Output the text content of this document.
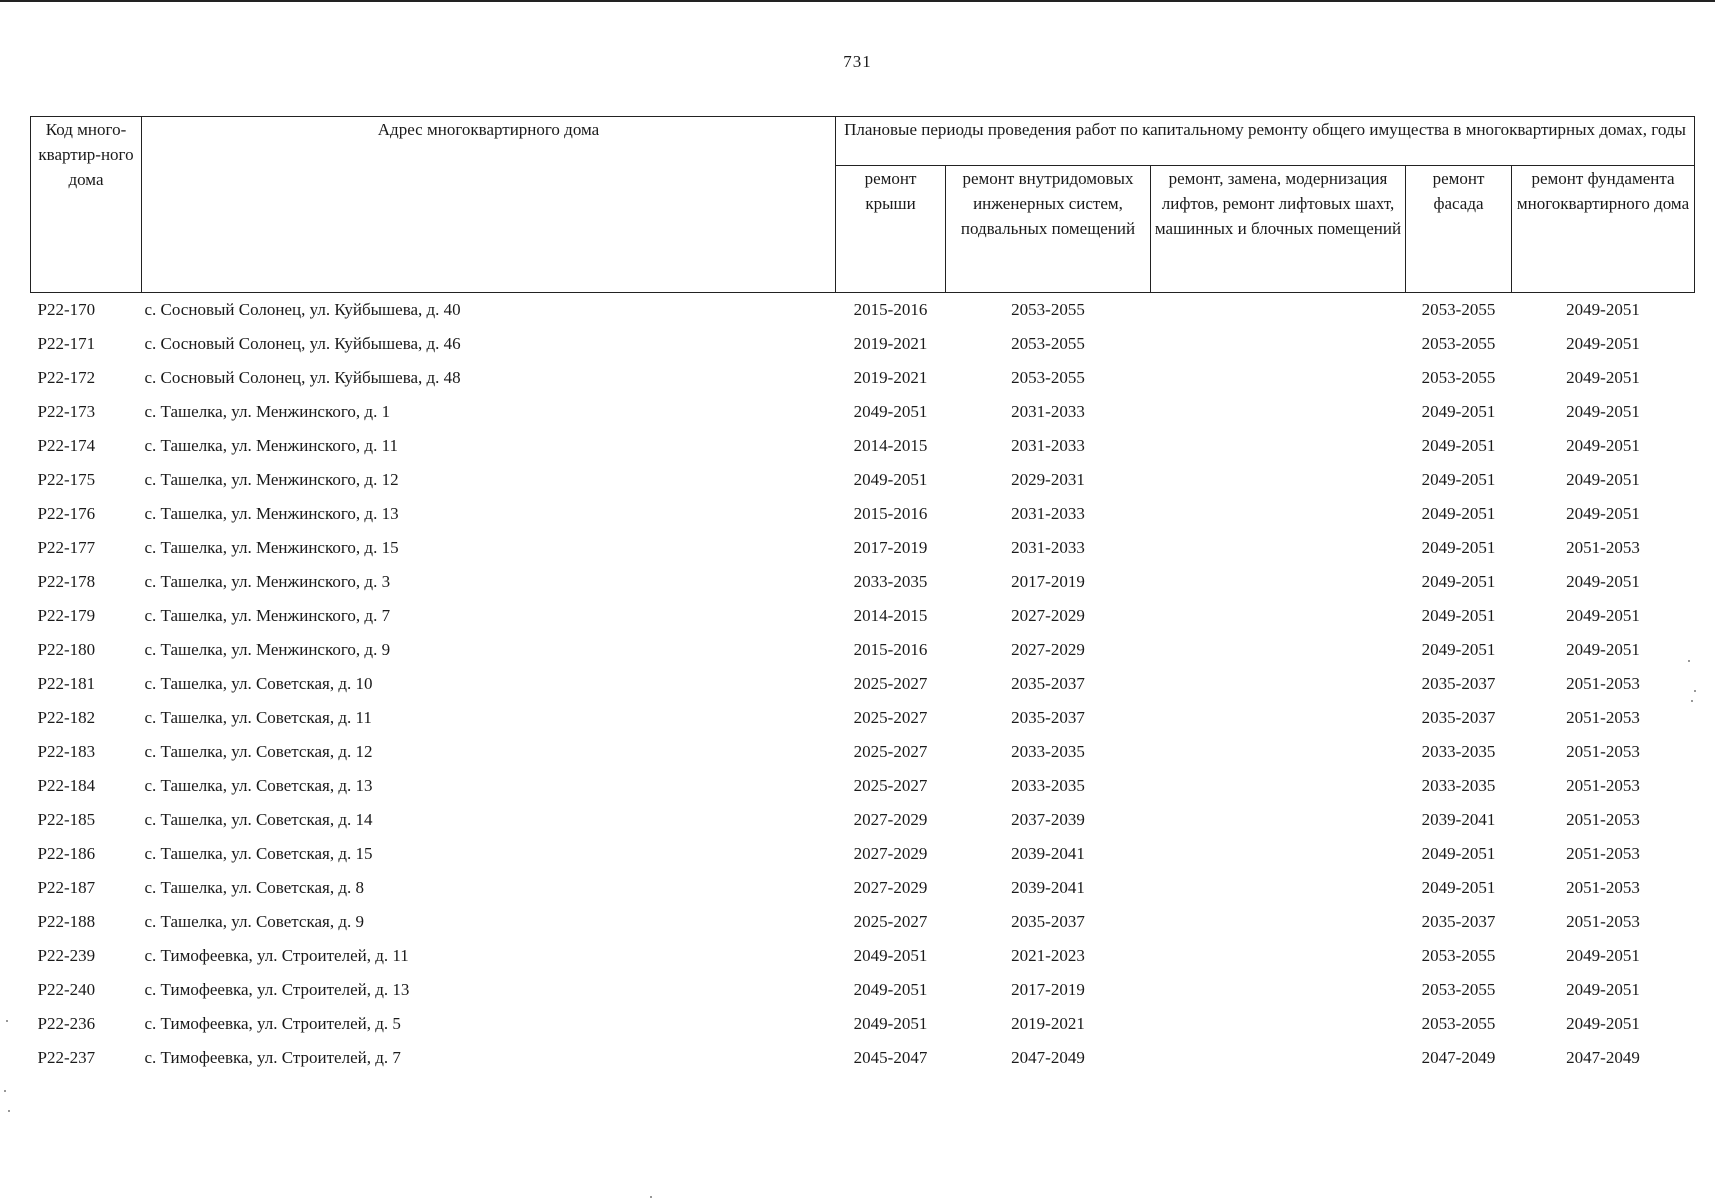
731
Код много-квартир-ного дома	Адрес многоквартирного дома	Плановые периоды проведения работ по капитальному ремонту общего имущества в многоквартирных домах, годы				
		ремонт крыши	ремонт внутридомовых инженерных систем, подвальных помещений	ремонт, замена, модернизация лифтов, ремонт лифтовых шахт, машинных и блочных помещений	ремонт фасада	ремонт фундамента многоквартирного дома
P22-170	с. Сосновый Солонец, ул. Куйбышева, д. 40	2015-2016	2053-2055		2053-2055	2049-2051
P22-171	с. Сосновый Солонец, ул. Куйбышева, д. 46	2019-2021	2053-2055		2053-2055	2049-2051
P22-172	с. Сосновый Солонец, ул. Куйбышева, д. 48	2019-2021	2053-2055		2053-2055	2049-2051
P22-173	с. Ташелка, ул. Менжинского, д. 1	2049-2051	2031-2033		2049-2051	2049-2051
P22-174	с. Ташелка, ул. Менжинского, д. 11	2014-2015	2031-2033		2049-2051	2049-2051
P22-175	с. Ташелка, ул. Менжинского, д. 12	2049-2051	2029-2031		2049-2051	2049-2051
P22-176	с. Ташелка, ул. Менжинского, д. 13	2015-2016	2031-2033		2049-2051	2049-2051
P22-177	с. Ташелка, ул. Менжинского, д. 15	2017-2019	2031-2033		2049-2051	2051-2053
P22-178	с. Ташелка, ул. Менжинского, д. 3	2033-2035	2017-2019		2049-2051	2049-2051
P22-179	с. Ташелка, ул. Менжинского, д. 7	2014-2015	2027-2029		2049-2051	2049-2051
P22-180	с. Ташелка, ул. Менжинского, д. 9	2015-2016	2027-2029		2049-2051	2049-2051
P22-181	с. Ташелка, ул. Советская, д. 10	2025-2027	2035-2037		2035-2037	2051-2053
P22-182	с. Ташелка, ул. Советская, д. 11	2025-2027	2035-2037		2035-2037	2051-2053
P22-183	с. Ташелка, ул. Советская, д. 12	2025-2027	2033-2035		2033-2035	2051-2053
P22-184	с. Ташелка, ул. Советская, д. 13	2025-2027	2033-2035		2033-2035	2051-2053
P22-185	с. Ташелка, ул. Советская, д. 14	2027-2029	2037-2039		2039-2041	2051-2053
P22-186	с. Ташелка, ул. Советская, д. 15	2027-2029	2039-2041		2049-2051	2051-2053
P22-187	с. Ташелка, ул. Советская, д. 8	2027-2029	2039-2041		2049-2051	2051-2053
P22-188	с. Ташелка, ул. Советская, д. 9	2025-2027	2035-2037		2035-2037	2051-2053
P22-239	с. Тимофеевка, ул. Строителей, д. 11	2049-2051	2021-2023		2053-2055	2049-2051
P22-240	с. Тимофеевка, ул. Строителей, д. 13	2049-2051	2017-2019		2053-2055	2049-2051
P22-236	с. Тимофеевка, ул. Строителей, д. 5	2049-2051	2019-2021		2053-2055	2049-2051
P22-237	с. Тимофеевка, ул. Строителей, д. 7	2045-2047	2047-2049		2047-2049	2047-2049
